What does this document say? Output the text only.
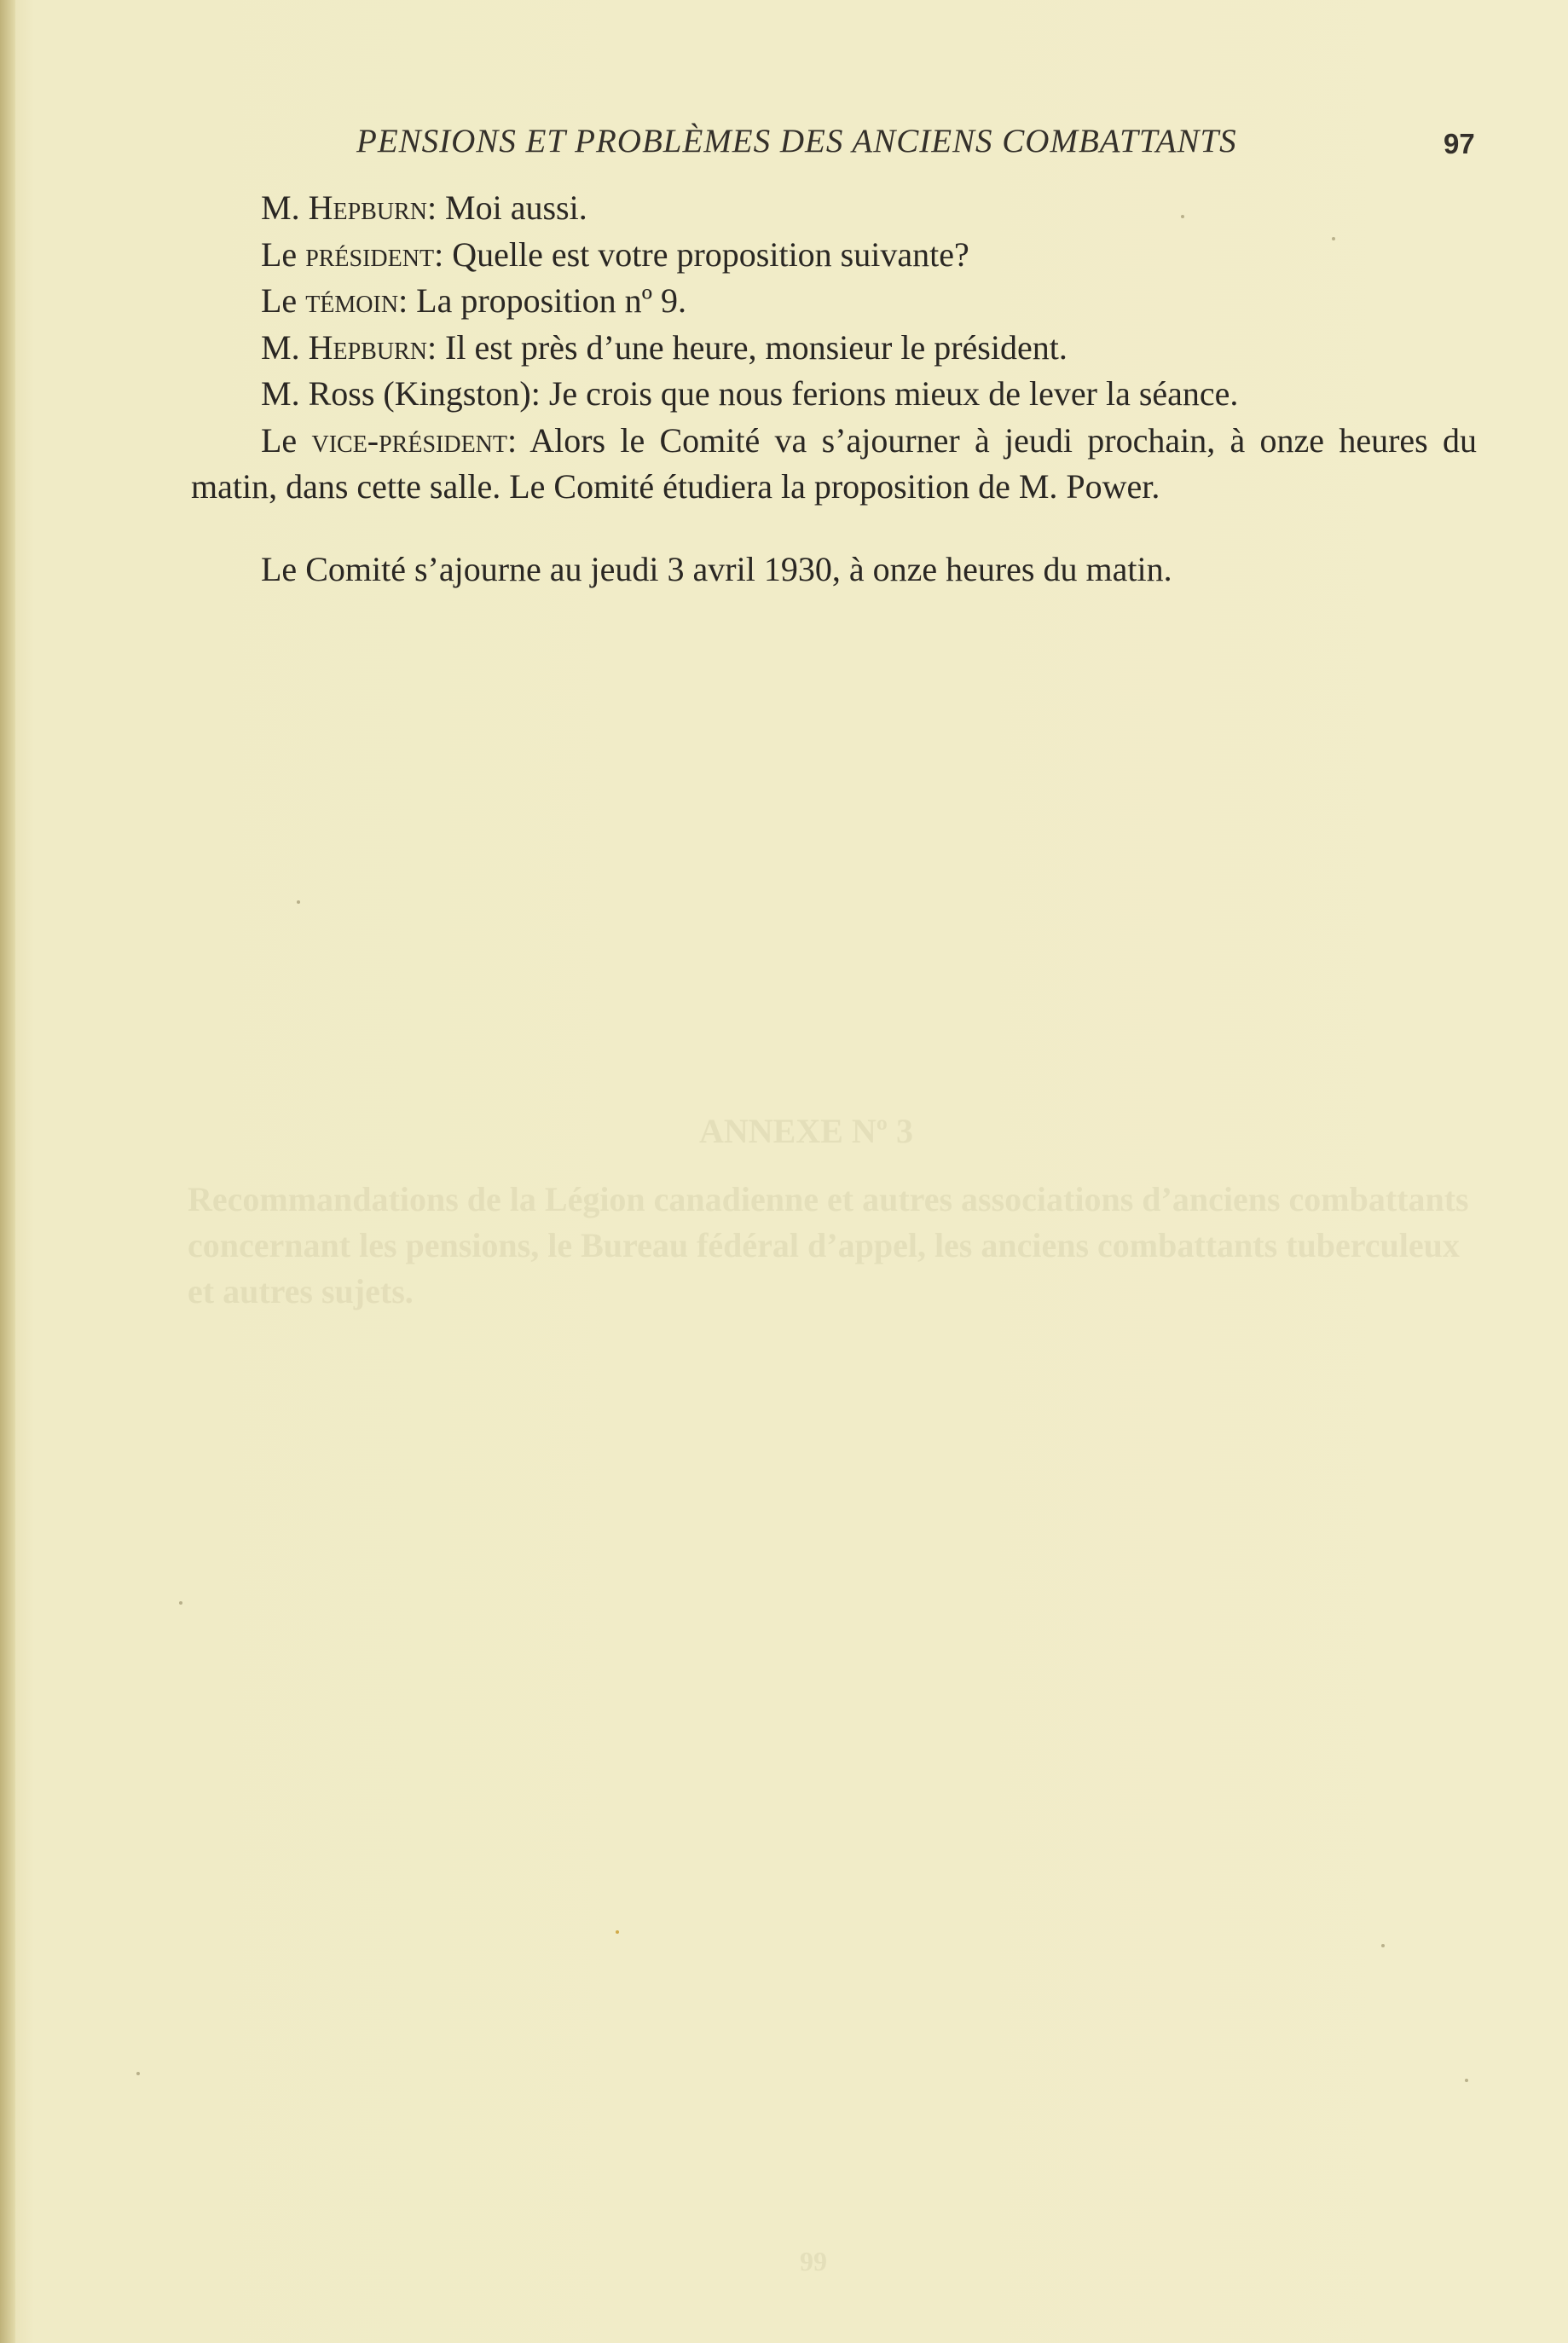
PENSIONS ET PROBLÈMES DES ANCIENS COMBATTANTS	97
ANNEXE Nº 3
Recommandations de la Légion canadienne et autres associations d’anciens combattants concernant les pensions, le Bureau fédéral d’appel, les anciens combattants tuberculeux et autres sujets.
99

M. Hepburn: Moi aussi.

Le président: Quelle est votre proposition suivante?

Le témoin: La proposition nº 9.

M. Hepburn: Il est près d’une heure, monsieur le président.

M. Ross (Kingston): Je crois que nous ferions mieux de lever la séance.

Le vice-président: Alors le Comité va s’ajourner à jeudi prochain, à onze heures du matin, dans cette salle. Le Comité étudiera la proposition de M. Power.

Le Comité s’ajourne au jeudi 3 avril 1930, à onze heures du matin.
